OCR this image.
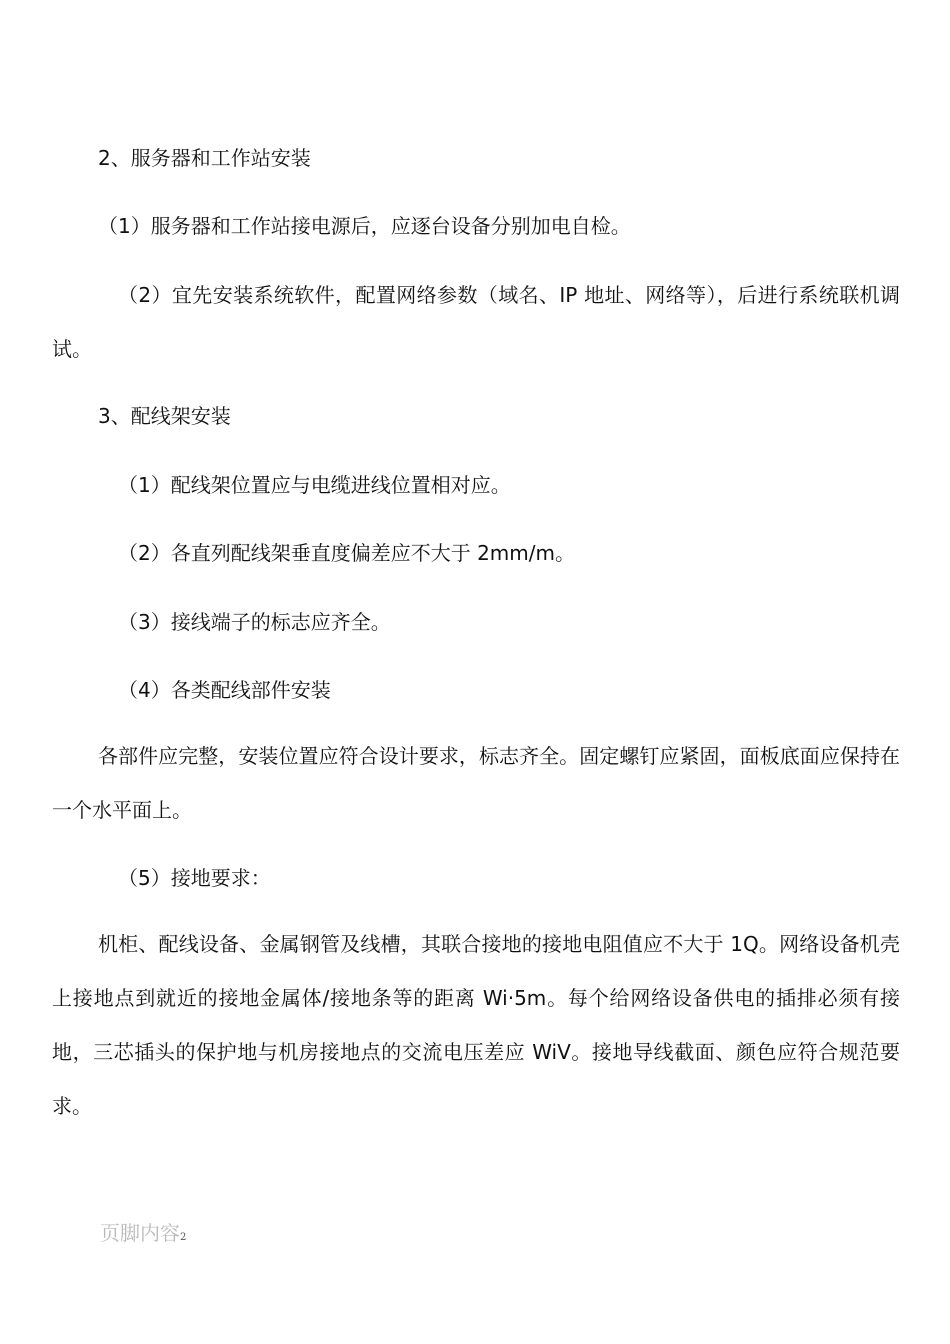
2、服务器和工作站安装

（1）服务器和工作站接电源后，应逐台设备分别加电自检。

（2）宜先安装系统软件，配置网络参数（域名、IP 地址、网络等），后进行系统联机调试。

3、配线架安装

（1）配线架位置应与电缆进线位置相对应。

（2）各直列配线架垂直度偏差应不大于 2mm/m。

（3）接线端子的标志应齐全。

（4）各类配线部件安装

各部件应完整，安装位置应符合设计要求，标志齐全。固定螺钉应紧固，面板底面应保持在一个水平面上。

（5）接地要求：

机柜、配线设备、金属钢管及线槽，其联合接地的接地电阻值应不大于 1Q。网络设备机壳上接地点到就近的接地金属体/接地条等的距离 Wi·5m。每个给网络设备供电的插排必须有接地，三芯插头的保护地与机房接地点的交流电压差应 WiV。接地导线截面、颜色应符合规范要求。

页脚内容2
